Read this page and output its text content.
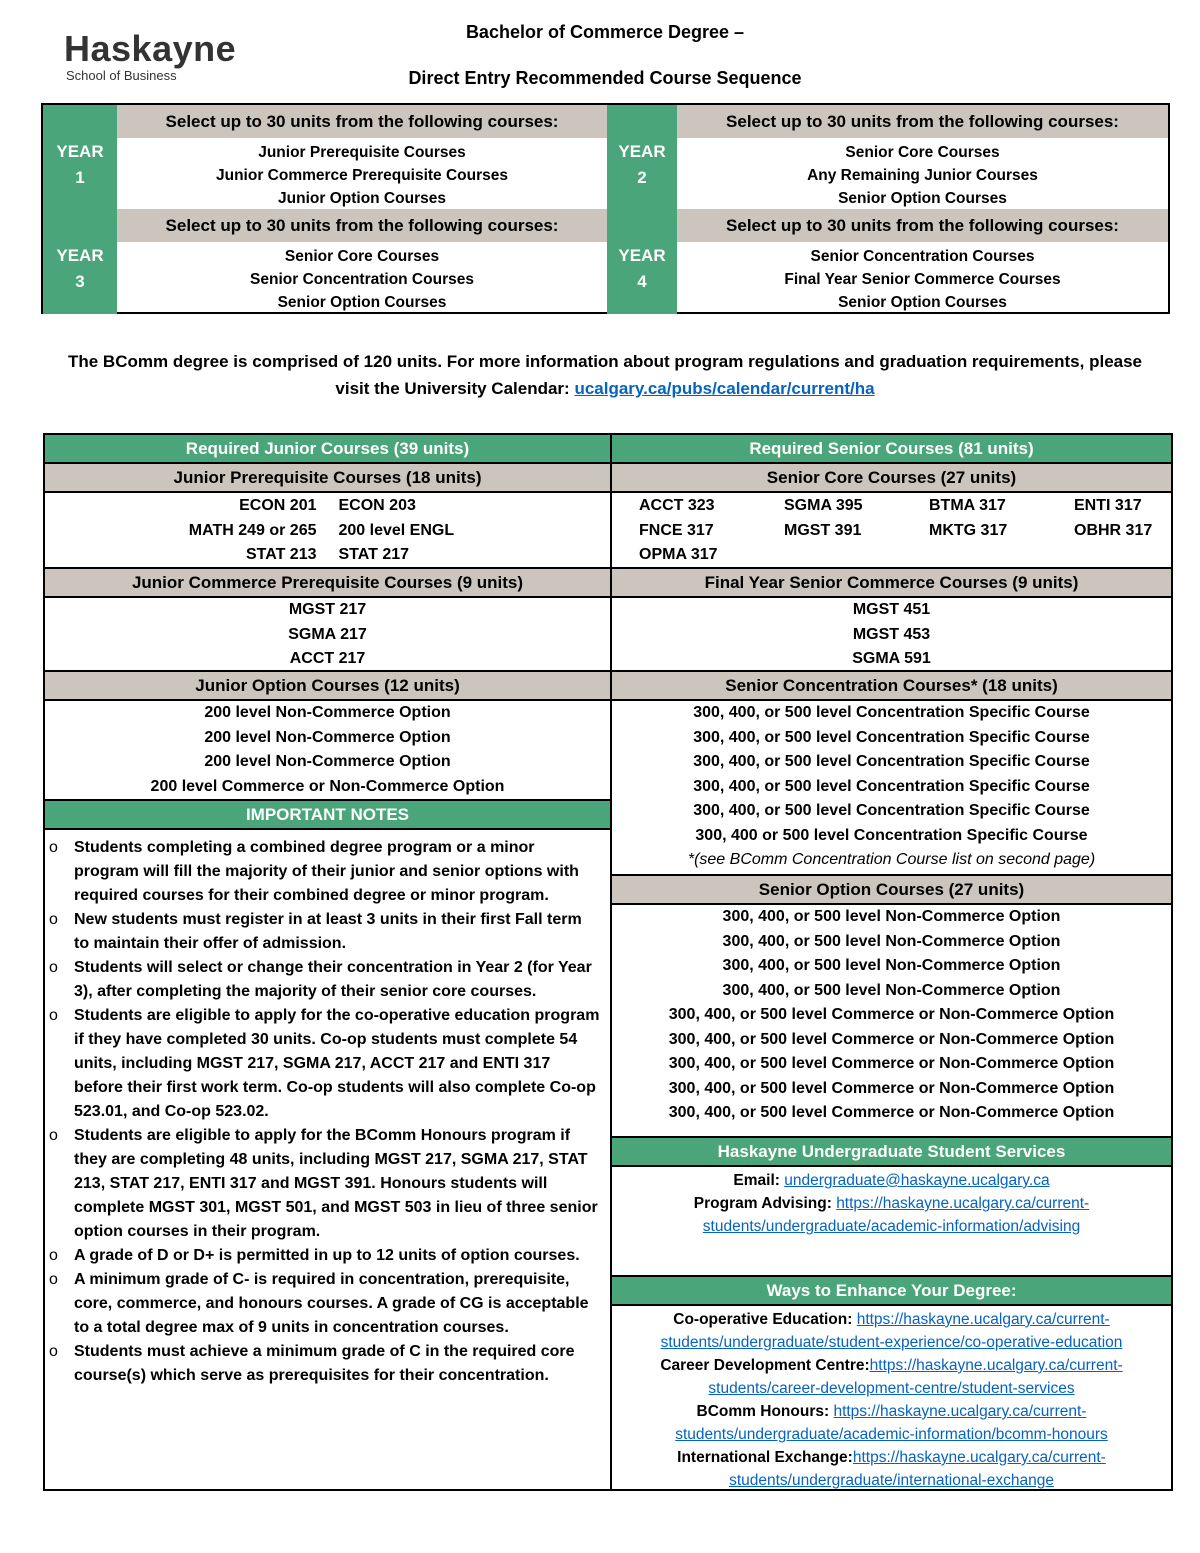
Haskayne
School of Business
Bachelor of Commerce Degree –
Direct Entry Recommended Course Sequence
YEAR
1
Select up to 30 units from the following courses:
Junior Prerequisite Courses
Junior Commerce Prerequisite Courses
Junior Option Courses
YEAR
2
Select up to 30 units from the following courses:
Senior Core Courses
Any Remaining Junior Courses
Senior Option Courses
YEAR
3
Select up to 30 units from the following courses:
Senior Core Courses
Senior Concentration Courses
Senior Option Courses
YEAR
4
Select up to 30 units from the following courses:
Senior Concentration Courses
Final Year Senior Commerce Courses
Senior Option Courses
The BComm degree is comprised of 120 units. For more information about program regulations and graduation requirements, please visit the University Calendar: ucalgary.ca/pubs/calendar/current/ha
Required Junior Courses (39 units)
Junior Prerequisite Courses (18 units)
ECON 201 ECON 203
MATH 249 or 265 200 level ENGL
STAT 213 STAT 217
Junior Commerce Prerequisite Courses (9 units)
MGST 217
SGMA 217
ACCT 217
Junior Option Courses (12 units)
200 level Non-Commerce Option
200 level Non-Commerce Option
200 level Non-Commerce Option
200 level Commerce or Non-Commerce Option
IMPORTANT NOTES
o Students completing a combined degree program or a minor program will fill the majority of their junior and senior options with required courses for their combined degree or minor program.
o New students must register in at least 3 units in their first Fall term to maintain their offer of admission.
o Students will select or change their concentration in Year 2 (for Year 3), after completing the majority of their senior core courses.
o Students are eligible to apply for the co-operative education program if they have completed 30 units. Co-op students must complete 54 units, including MGST 217, SGMA 217, ACCT 217 and ENTI 317 before their first work term. Co-op students will also complete Co-op 523.01, and Co-op 523.02.
o Students are eligible to apply for the BComm Honours program if they are completing 48 units, including MGST 217, SGMA 217, STAT 213, STAT 217, ENTI 317 and MGST 391. Honours students will complete MGST 301, MGST 501, and MGST 503 in lieu of three senior option courses in their program.
o A grade of D or D+ is permitted in up to 12 units of option courses.
o A minimum grade of C- is required in concentration, prerequisite, core, commerce, and honours courses. A grade of CG is acceptable to a total degree max of 9 units in concentration courses.
o Students must achieve a minimum grade of C in the required core course(s) which serve as prerequisites for their concentration.
Required Senior Courses (81 units)
Senior Core Courses (27 units)
ACCT 323	SGMA 395	BTMA 317	ENTI 317
FNCE 317	MGST 391	MKTG 317	OBHR 317
OPMA 317
Final Year Senior Commerce Courses (9 units)
MGST 451
MGST 453
SGMA 591
Senior Concentration Courses* (18 units)
300, 400, or 500 level Concentration Specific Course
300, 400, or 500 level Concentration Specific Course
300, 400, or 500 level Concentration Specific Course
300, 400, or 500 level Concentration Specific Course
300, 400, or 500 level Concentration Specific Course
300, 400 or 500 level Concentration Specific Course
*(see BComm Concentration Course list on second page)
Senior Option Courses (27 units)
300, 400, or 500 level Non-Commerce Option
300, 400, or 500 level Non-Commerce Option
300, 400, or 500 level Non-Commerce Option
300, 400, or 500 level Non-Commerce Option
300, 400, or 500 level Commerce or Non-Commerce Option
300, 400, or 500 level Commerce or Non-Commerce Option
300, 400, or 500 level Commerce or Non-Commerce Option
300, 400, or 500 level Commerce or Non-Commerce Option
300, 400, or 500 level Commerce or Non-Commerce Option
Haskayne Undergraduate Student Services
Email: undergraduate@haskayne.ucalgary.ca
Program Advising: https://haskayne.ucalgary.ca/current-students/undergraduate/academic-information/advising
Ways to Enhance Your Degree:
Co-operative Education: https://haskayne.ucalgary.ca/current-students/undergraduate/student-experience/co-operative-education
Career Development Centre:https://haskayne.ucalgary.ca/current-students/career-development-centre/student-services
BComm Honours: https://haskayne.ucalgary.ca/current-students/undergraduate/academic-information/bcomm-honours
International Exchange:https://haskayne.ucalgary.ca/current-students/undergraduate/international-exchange
